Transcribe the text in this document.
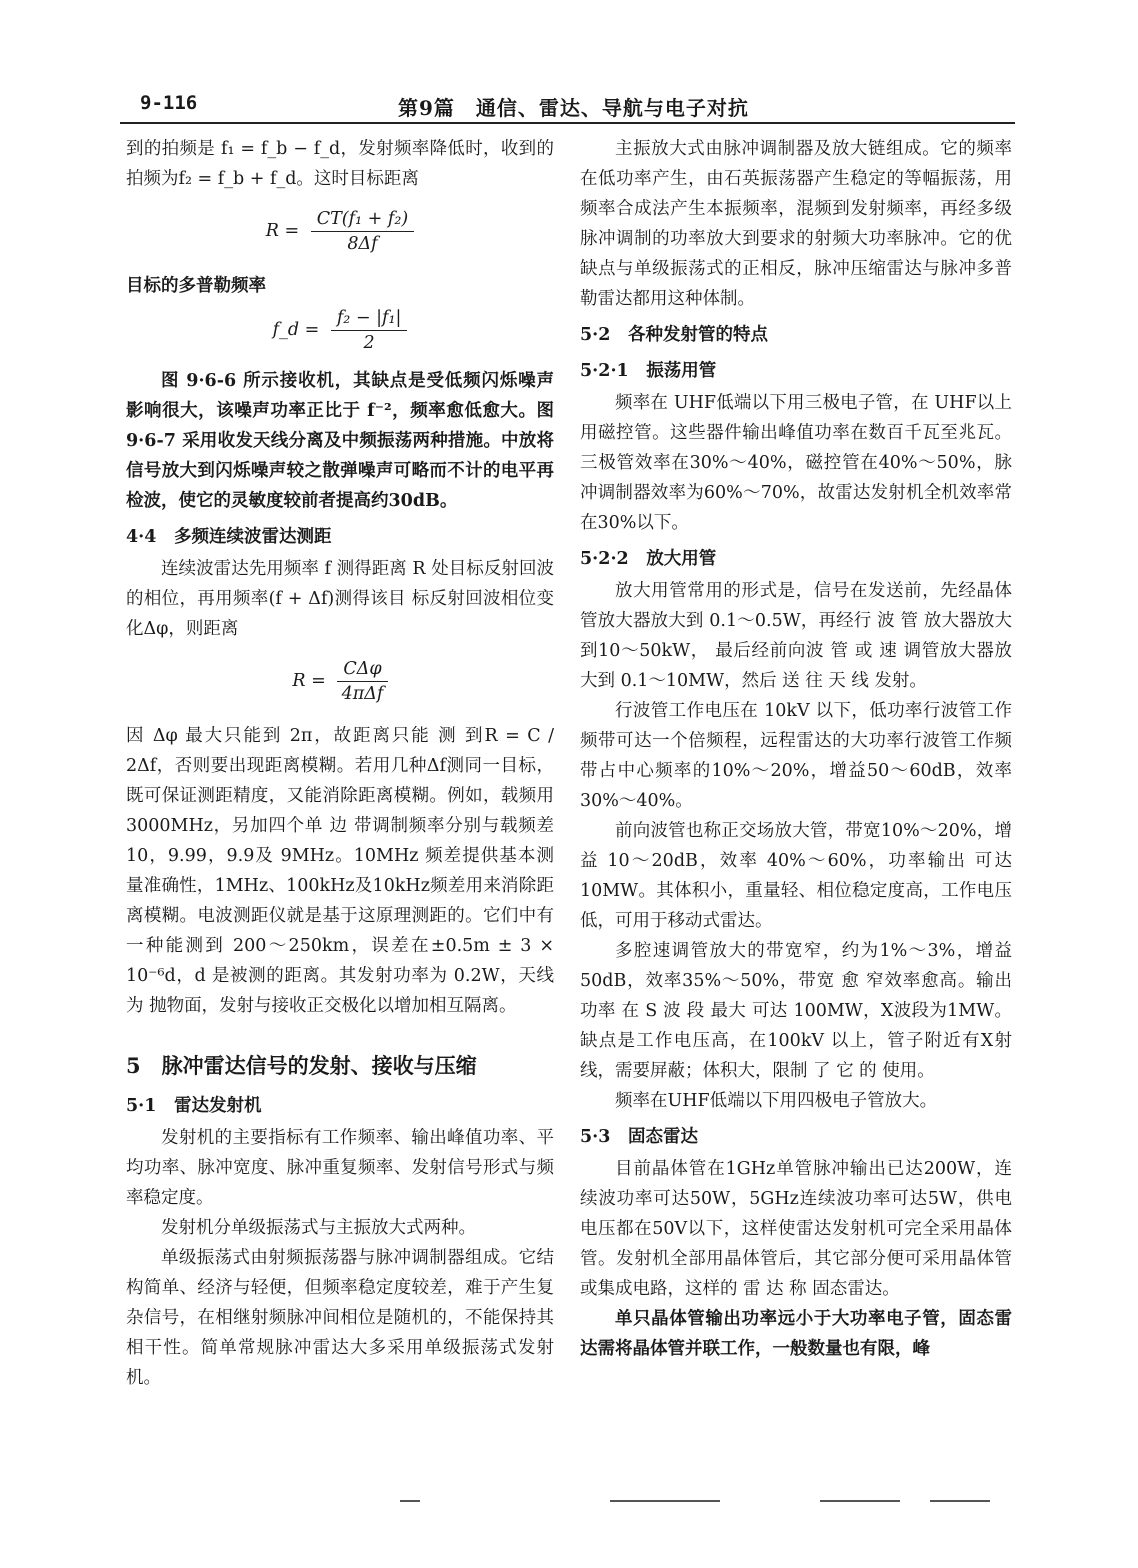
9-116	第9篇　通信、雷达、导航与电子对抗

到的拍频是 f₁ = f_b − f_d，发射频率降低时，收到的拍频为f₂ = f_b + f_d。这时目标距离

$R = \frac{\text{CT(f₁ + f₂)}}{8\Delta f}$

目标的多普勒频率

f_d = $\frac{\text{f₂ − |f₁|}}{2}$

图 9·6-6 所示接收机，其缺点是受低频闪烁噪声影响很大，该噪声功率正比于 f⁻²，频率愈低愈大。图 9·6-7 采用收发天线分离及中频振荡两种措施。中放将信号放大到闪烁噪声较之散弹噪声可略而不计的电平再检波，使它的灵敏度较前者提高约30dB。

4·4　多频连续波雷达测距

连续波雷达先用频率 f 测得距离 R 处目标反射回波的相位，再用频率(f + Δf)测得该目 标反射回波相位变化Δφ，则距离

$R = \frac{\text{CΔφ}}{\text{4πΔf}}$

因 Δφ 最大只能到 2π，故距离只能 测 到R = C / 2Δf，否则要出现距离模糊。若用几种Δf测同一目标，既可保证测距精度，又能消除距离模糊。例如，载频用 3000MHz，另加四个单 边 带调制频率分别与载频差10，9.99，9.9及 9MHz。10MHz 频差提供基本测量准确性，1MHz、100kHz及10kHz频差用来消除距离模糊。电波测距仪就是基于这原理测距的。它们中有一种能测到 200～250km，误差在±0.5m ± 3 × 10⁻⁶d，d 是被测的距离。其发射功率为 0.2W，天线为 抛物面，发射与接收正交极化以增加相互隔离。

5　脉冲雷达信号的发射、接收与压缩
5·1　雷达发射机

发射机的主要指标有工作频率、输出峰值功率、平均功率、脉冲宽度、脉冲重复频率、发射信号形式与频率稳定度。

发射机分单级振荡式与主振放大式两种。

单级振荡式由射频振荡器与脉冲调制器组成。它结构简单、经济与轻便，但频率稳定度较差，难于产生复杂信号，在相继射频脉冲间相位是随机的，不能保持其相干性。简单常规脉冲雷达大多采用单级振荡式发射机。

主振放大式由脉冲调制器及放大链组成。它的频率在低功率产生，由石英振荡器产生稳定的等幅振荡，用频率合成法产生本振频率，混频到发射频率，再经多级脉冲调制的功率放大到要求的射频大功率脉冲。它的优缺点与单级振荡式的正相反，脉冲压缩雷达与脉冲多普勒雷达都用这种体制。

5·2　各种发射管的特点
5·2·1　振荡用管

频率在 UHF低端以下用三极电子管，在 UHF以上用磁控管。这些器件输出峰值功率在数百千瓦至兆瓦。三极管效率在30%～40%，磁控管在40%～50%，脉冲调制器效率为60%～70%，故雷达发射机全机效率常在30%以下。

5·2·2　放大用管

放大用管常用的形式是，信号在发送前，先经晶体管放大器放大到 0.1～0.5W，再经行 波 管 放大器放大到10～50kW， 最后经前向波 管 或 速 调管放大器放大到 0.1～10MW，然后 送 往 天 线 发射。

行波管工作电压在 10kV 以下，低功率行波管工作频带可达一个倍频程，远程雷达的大功率行波管工作频带占中心频率的10%～20%，增益50～60dB，效率30%～40%。

前向波管也称正交场放大管，带宽10%～20%，增益 10～20dB，效率 40%～60%，功率输出 可达 10MW。其体积小，重量轻、相位稳定度高，工作电压低，可用于移动式雷达。

多腔速调管放大的带宽窄，约为1%～3%，增益 50dB，效率35%～50%，带宽 愈 窄效率愈高。输出功率 在 S 波 段 最大 可达 100MW，X波段为1MW。缺点是工作电压高，在100kV 以上，管子附近有X射线，需要屏蔽；体积大，限制 了 它 的 使用。

频率在UHF低端以下用四极电子管放大。

5·3　固态雷达

目前晶体管在1GHz单管脉冲输出已达200W，连续波功率可达50W，5GHz连续波功率可达5W，供电电压都在50V以下，这样使雷达发射机可完全采用晶体管。发射机全部用晶体管后，其它部分便可采用晶体管或集成电路，这样的 雷 达 称 固态雷达。

单只晶体管输出功率远小于大功率电子管，固态雷达需将晶体管并联工作，一般数量也有限，峰
